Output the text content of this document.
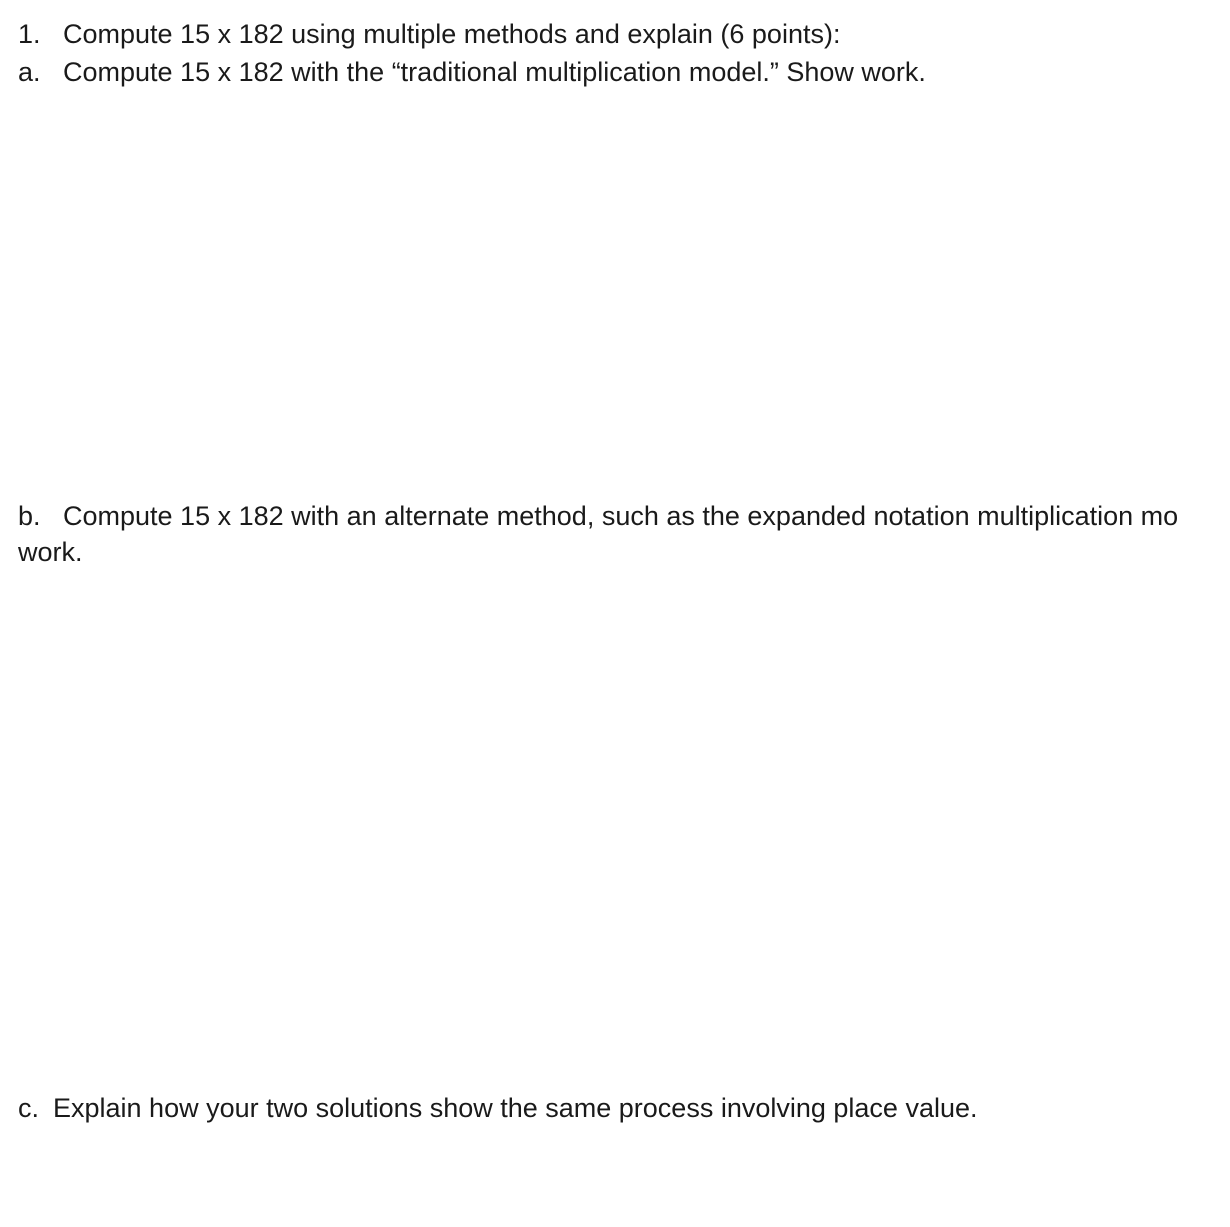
1. Compute 15 x 182 using multiple methods and explain (6 points):
a. Compute 15 x 182 with the “traditional multiplication model.” Show work.
b. Compute 15 x 182 with an alternate method, such as the expanded notation multiplication mo
work.
c. Explain how your two solutions show the same process involving place value.
